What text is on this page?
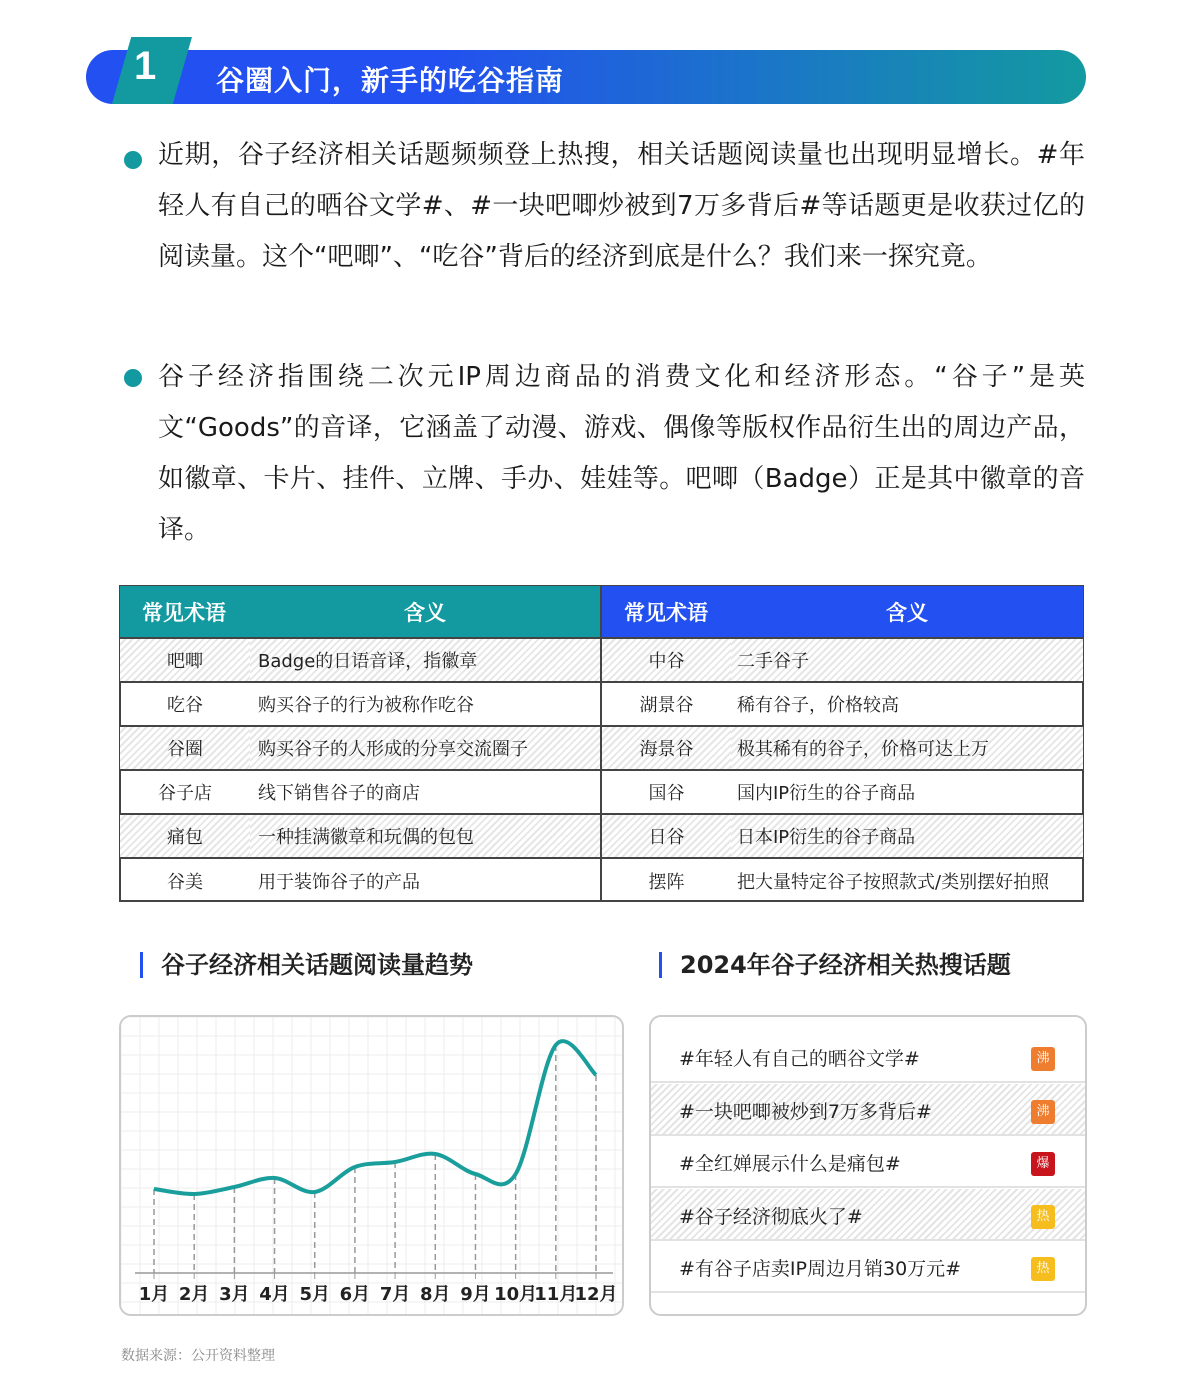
谷圈入门，新手的吃谷指南
1
近期，谷子经济相关话题频频登上热搜，相关话题阅读量也出现明显增长。#年轻人有自己的晒谷文学#、#一块吧唧炒被到7万多背后#等话题更是收获过亿的阅读量。这个“吧唧”、“吃谷”背后的经济到底是什么？我们来一探究竟。
谷子经济指围绕二次元IP周边商品的消费文化和经济形态。“谷子”是英文“Goods”的音译，它涵盖了动漫、游戏、偶像等版权作品衍生出的周边产品，如徽章、卡片、挂件、立牌、手办、娃娃等。吧唧（Badge）正是其中徽章的音译。
常见术语	含义	常见术语	含义
吧唧	Badge的日语音译，指徽章	中谷	二手谷子
吃谷	购买谷子的行为被称作吃谷	湖景谷	稀有谷子，价格较高
谷圈	购买谷子的人形成的分享交流圈子	海景谷	极其稀有的谷子，价格可达上万
谷子店	线下销售谷子的商店	国谷	国内IP衍生的谷子商品
痛包	一种挂满徽章和玩偶的包包	日谷	日本IP衍生的谷子商品
谷美	用于装饰谷子的产品	摆阵	把大量特定谷子按照款式/类别摆好拍照
谷子经济相关话题阅读量趋势	2024年谷子经济相关热搜话题
1月 2月 3月 4月 5月 6月 7月 8月 9月 10月
11月
12月
#年轻人有自己的晒谷文学#	沸
#一块吧唧被炒到7万多背后#	沸
#全红婵展示什么是痛包#	爆
#谷子经济彻底火了#	热
#有谷子店卖IP周边月销30万元#	热
数据来源：公开资料整理
